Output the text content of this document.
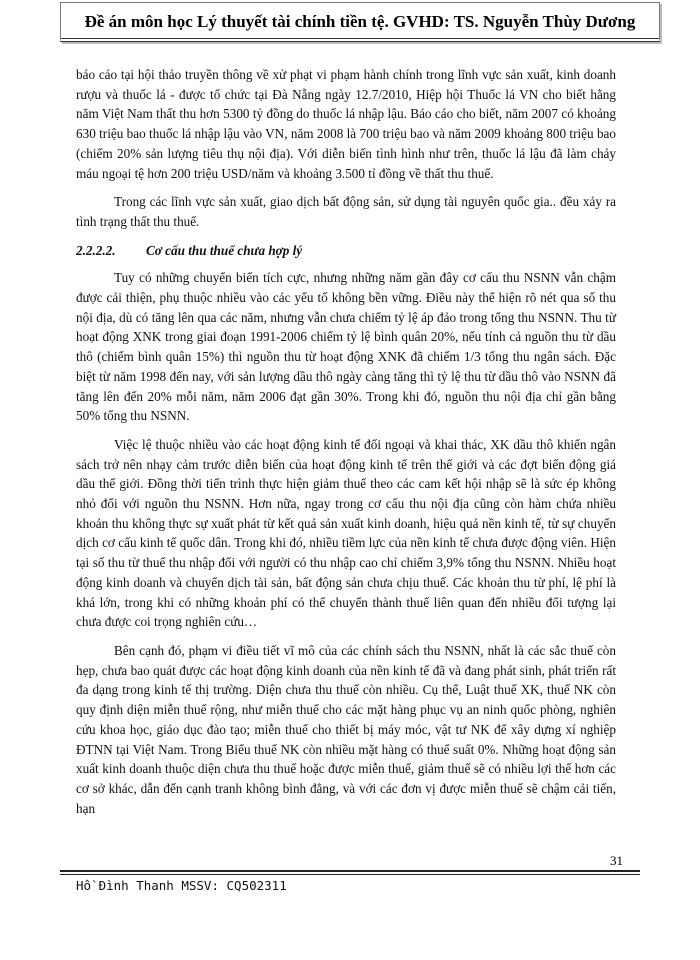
Đề án môn học Lý thuyết tài chính tiền tệ. GVHD: TS. Nguyễn Thùy Dương

báo cáo tại hội thảo truyền thông về xử phạt vi phạm hành chính trong lĩnh vực sản xuất, kinh doanh rượu và thuốc lá - được tổ chức tại Đà Nẵng ngày 12.7/2010, Hiệp hội Thuốc lá VN cho biết hằng năm Việt Nam thất thu hơn 5300 tỷ đồng do thuốc lá nhập lậu. Báo cáo cho biết, năm 2007 có khoảng 630 triệu bao thuốc lá nhập lậu vào VN, năm 2008 là 700 triệu bao và năm 2009 khoảng 800 triệu bao (chiếm 20% sản lượng tiêu thụ nội địa). Với diễn biến tình hình như trên, thuốc lá lậu đã làm chảy máu ngoại tệ hơn 200 triệu USD/năm và khoảng 3.500 tỉ đồng về thất thu thuế.

Trong các lĩnh vực sản xuất, giao dịch bất động sản, sử dụng tài nguyên quốc gia.. đều xảy ra tình trạng thất thu thuế.

2.2.2.2. Cơ cấu thu thuế chưa hợp lý

Tuy có những chuyển biến tích cực, nhưng những năm gần đây cơ cấu thu NSNN vẫn chậm được cải thiện, phụ thuộc nhiều vào các yếu tố không bền vững. Điều này thể hiện rõ nét qua số thu nội địa, dù có tăng lên qua các năm, nhưng vẫn chưa chiếm tỷ lệ áp đảo trong tổng thu NSNN. Thu từ hoạt động XNK trong giai đoạn 1991-2006 chiếm tỷ lệ bình quân 20%, nếu tính cả nguồn thu từ dầu thô (chiếm bình quân 15%) thì nguồn thu từ hoạt động XNK đã chiếm 1/3 tổng thu ngân sách. Đặc biệt từ năm 1998 đến nay, với sản lượng dầu thô ngày càng tăng thì tỷ lệ thu từ dầu thô vào NSNN đã tăng lên đến 20% mỗi năm, năm 2006 đạt gần 30%. Trong khi đó, nguồn thu nội địa chỉ gần bằng 50% tổng thu NSNN.

Việc lệ thuộc nhiều vào các hoạt động kinh tế đối ngoại và khai thác, XK dầu thô khiến ngân sách trở nên nhạy cảm trước diễn biến của hoạt động kinh tế trên thế giới và các đợt biến động giá dầu thế giới. Đồng thời tiến trình thực hiện giảm thuế theo các cam kết hội nhập sẽ là sức ép không nhỏ đối với nguồn thu NSNN. Hơn nữa, ngay trong cơ cấu thu nội địa cũng còn hàm chứa nhiều khoản thu không thực sự xuất phát từ kết quả sản xuất kinh doanh, hiệu quả nền kinh tế, từ sự chuyển dịch cơ cấu kinh tế quốc dân. Trong khi đó, nhiều tiềm lực của nền kinh tế chưa được động viên. Hiện tại số thu từ thuế thu nhập đối với người có thu nhập cao chỉ chiếm 3,9% tổng thu NSNN. Nhiều hoạt động kinh doanh và chuyển dịch tài sản, bất động sản chưa chịu thuế. Các khoản thu từ phí, lệ phí là khá lớn, trong khi có những khoản phí có thể chuyển thành thuế liên quan đến nhiều đối tượng lại chưa được coi trọng nghiên cứu…

Bên cạnh đó, phạm vi điều tiết vĩ mô của các chính sách thu NSNN, nhất là các sắc thuế còn hẹp, chưa bao quát được các hoạt động kinh doanh của nền kinh tế đã và đang phát sinh, phát triển rất đa dạng trong kinh tế thị trường. Diện chưa thu thuế còn nhiều. Cụ thể, Luật thuế XK, thuế NK còn quy định diện miễn thuế rộng, như miễn thuế cho các mặt hàng phục vụ an ninh quốc phòng, nghiên cứu khoa học, giáo dục đào tạo; miễn thuế cho thiết bị máy móc, vật tư NK để xây dựng xí nghiệp ĐTNN tại Việt Nam. Trong Biểu thuế NK còn nhiều mặt hàng có thuế suất 0%. Những hoạt động sản xuất kinh doanh thuộc diện chưa thu thuế hoặc được miễn thuế, giảm thuế sẽ có nhiều lợi thế hơn các cơ sở khác, dẫn đến cạnh tranh không bình đẳng, và với các đơn vị được miễn thuế sẽ chậm cải tiến, hạn

31
Hồ Đình Thanh MSSV: CQ502311
